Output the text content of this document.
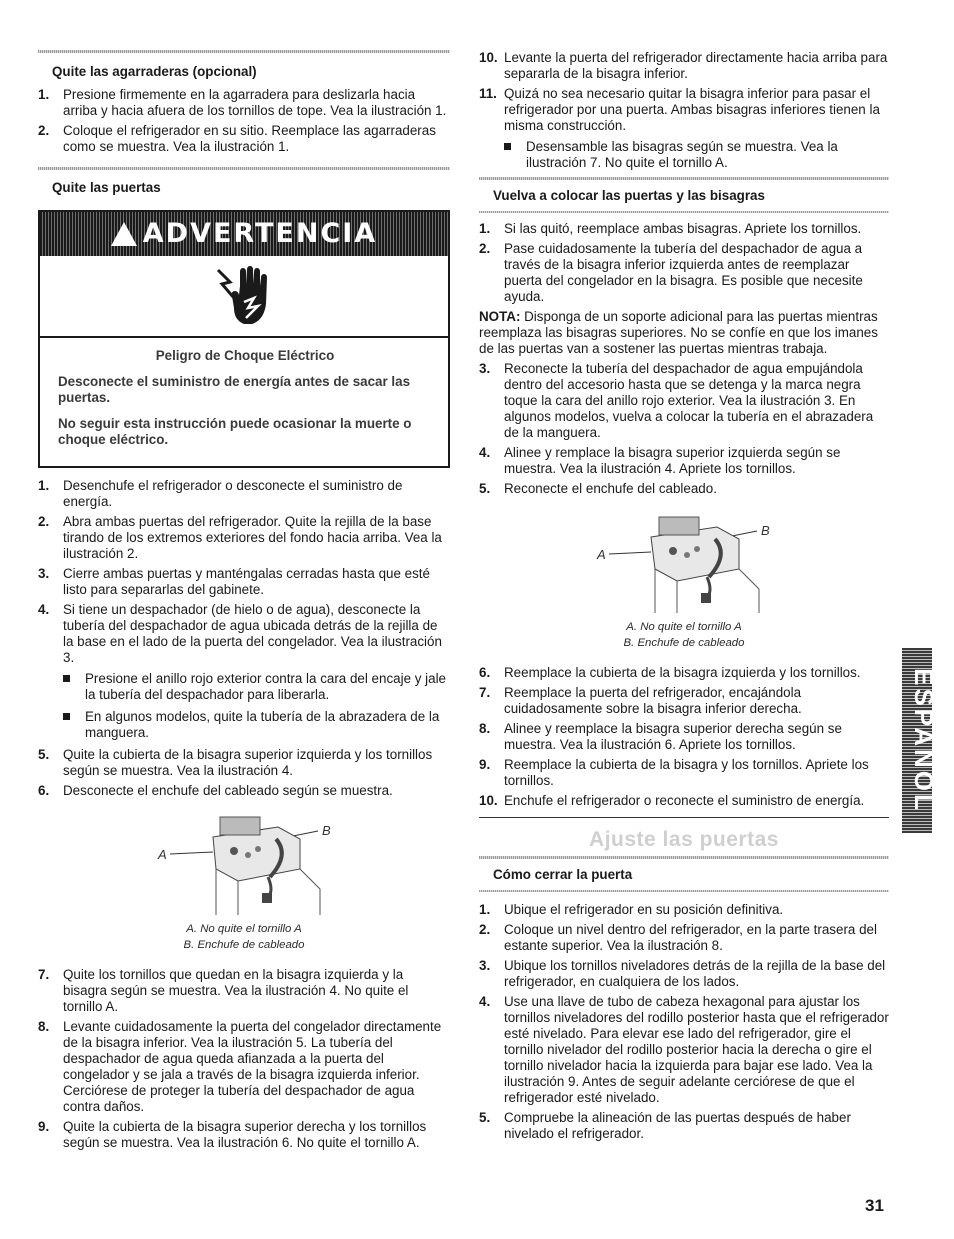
Quite las agarraderas (opcional)
1. Presione firmemente en la agarradera para deslizarla hacia arriba y hacia afuera de los tornillos de tope. Vea la ilustración 1.
2. Coloque el refrigerador en su sitio. Reemplace las agarraderas como se muestra. Vea la ilustración 1.
Quite las puertas
ADVERTENCIA

Peligro de Choque Eléctrico

Desconecte el suministro de energía antes de sacar las puertas.

No seguir esta instrucción puede ocasionar la muerte o choque eléctrico.

1. Desenchufe el refrigerador o desconecte el suministro de energía.
2. Abra ambas puertas del refrigerador. Quite la rejilla de la base tirando de los extremos exteriores del fondo hacia arriba. Vea la ilustración 2.
3. Cierre ambas puertas y manténgalas cerradas hasta que esté listo para separarlas del gabinete.
4. Si tiene un despachador (de hielo o de agua), desconecte la tubería del despachador de agua ubicada detrás de la rejilla de la base en el lado de la puerta del congelador. Vea la ilustración 3.
Presione el anillo rojo exterior contra la cara del encaje y jale la tubería del despachador para liberarla.
En algunos modelos, quite la tubería de la abrazadera de la manguera.
5. Quite la cubierta de la bisagra superior izquierda y los tornillos según se muestra. Vea la ilustración 4.
6. Desconecte el enchufe del cableado según se muestra.
A
B
A. No quite el tornillo A
B. Enchufe de cableado
7. Quite los tornillos que quedan en la bisagra izquierda y la bisagra según se muestra. Vea la ilustración 4. No quite el tornillo A.
8. Levante cuidadosamente la puerta del congelador directamente de la bisagra inferior. Vea la ilustración 5. La tubería del despachador de agua queda afianzada a la puerta del congelador y se jala a través de la bisagra izquierda inferior. Cerciórese de proteger la tubería del despachador de agua contra daños.
9. Quite la cubierta de la bisagra superior derecha y los tornillos según se muestra. Vea la ilustración 6. No quite el tornillo A.
10. Levante la puerta del refrigerador directamente hacia arriba para separarla de la bisagra inferior.
11. Quizá no sea necesario quitar la bisagra inferior para pasar el refrigerador por una puerta. Ambas bisagras inferiores tienen la misma construcción.
Desensamble las bisagras según se muestra. Vea la ilustración 7. No quite el tornillo A.
Vuelva a colocar las puertas y las bisagras
1. Si las quitó, reemplace ambas bisagras. Apriete los tornillos.
2. Pase cuidadosamente la tubería del despachador de agua a través de la bisagra inferior izquierda antes de reemplazar puerta del congelador en la bisagra. Es posible que necesite ayuda.

NOTA: Disponga de un soporte adicional para las puertas mientras reemplaza las bisagras superiores. No se confíe en que los imanes de las puertas van a sostener las puertas mientras trabaja.

3. Reconecte la tubería del despachador de agua empujándola dentro del accesorio hasta que se detenga y la marca negra toque la cara del anillo rojo exterior. Vea la ilustración 3. En algunos modelos, vuelva a colocar la tubería en el abrazadera de la manguera.
4. Alinee y remplace la bisagra superior izquierda según se muestra. Vea la ilustración 4. Apriete los tornillos.
5. Reconecte el enchufe del cableado.
A
B
A. No quite el tornillo A
B. Enchufe de cableado
6. Reemplace la cubierta de la bisagra izquierda y los tornillos.
7. Reemplace la puerta del refrigerador, encajándola cuidadosamente sobre la bisagra inferior derecha.
8. Alinee y reemplace la bisagra superior derecha según se muestra. Vea la ilustración 6. Apriete los tornillos.
9. Reemplace la cubierta de la bisagra y los tornillos. Apriete los tornillos.
10. Enchufe el refrigerador o reconecte el suministro de energía.
Ajuste las puertas
Cómo cerrar la puerta
1. Ubique el refrigerador en su posición definitiva.
2. Coloque un nivel dentro del refrigerador, en la parte trasera del estante superior. Vea la ilustración 8.
3. Ubique los tornillos niveladores detrás de la rejilla de la base del refrigerador, en cualquiera de los lados.
4. Use una llave de tubo de cabeza hexagonal para ajustar los tornillos niveladores del rodillo posterior hasta que el refrigerador esté nivelado. Para elevar ese lado del refrigerador, gire el tornillo nivelador del rodillo posterior hacia la derecha o gire el tornillo nivelador hacia la izquierda para bajar ese lado. Vea la ilustración 9. Antes de seguir adelante cerciórese de que el refrigerador esté nivelado.
5. Compruebe la alineación de las puertas después de haber nivelado el refrigerador.
ESPAÑOL
31
